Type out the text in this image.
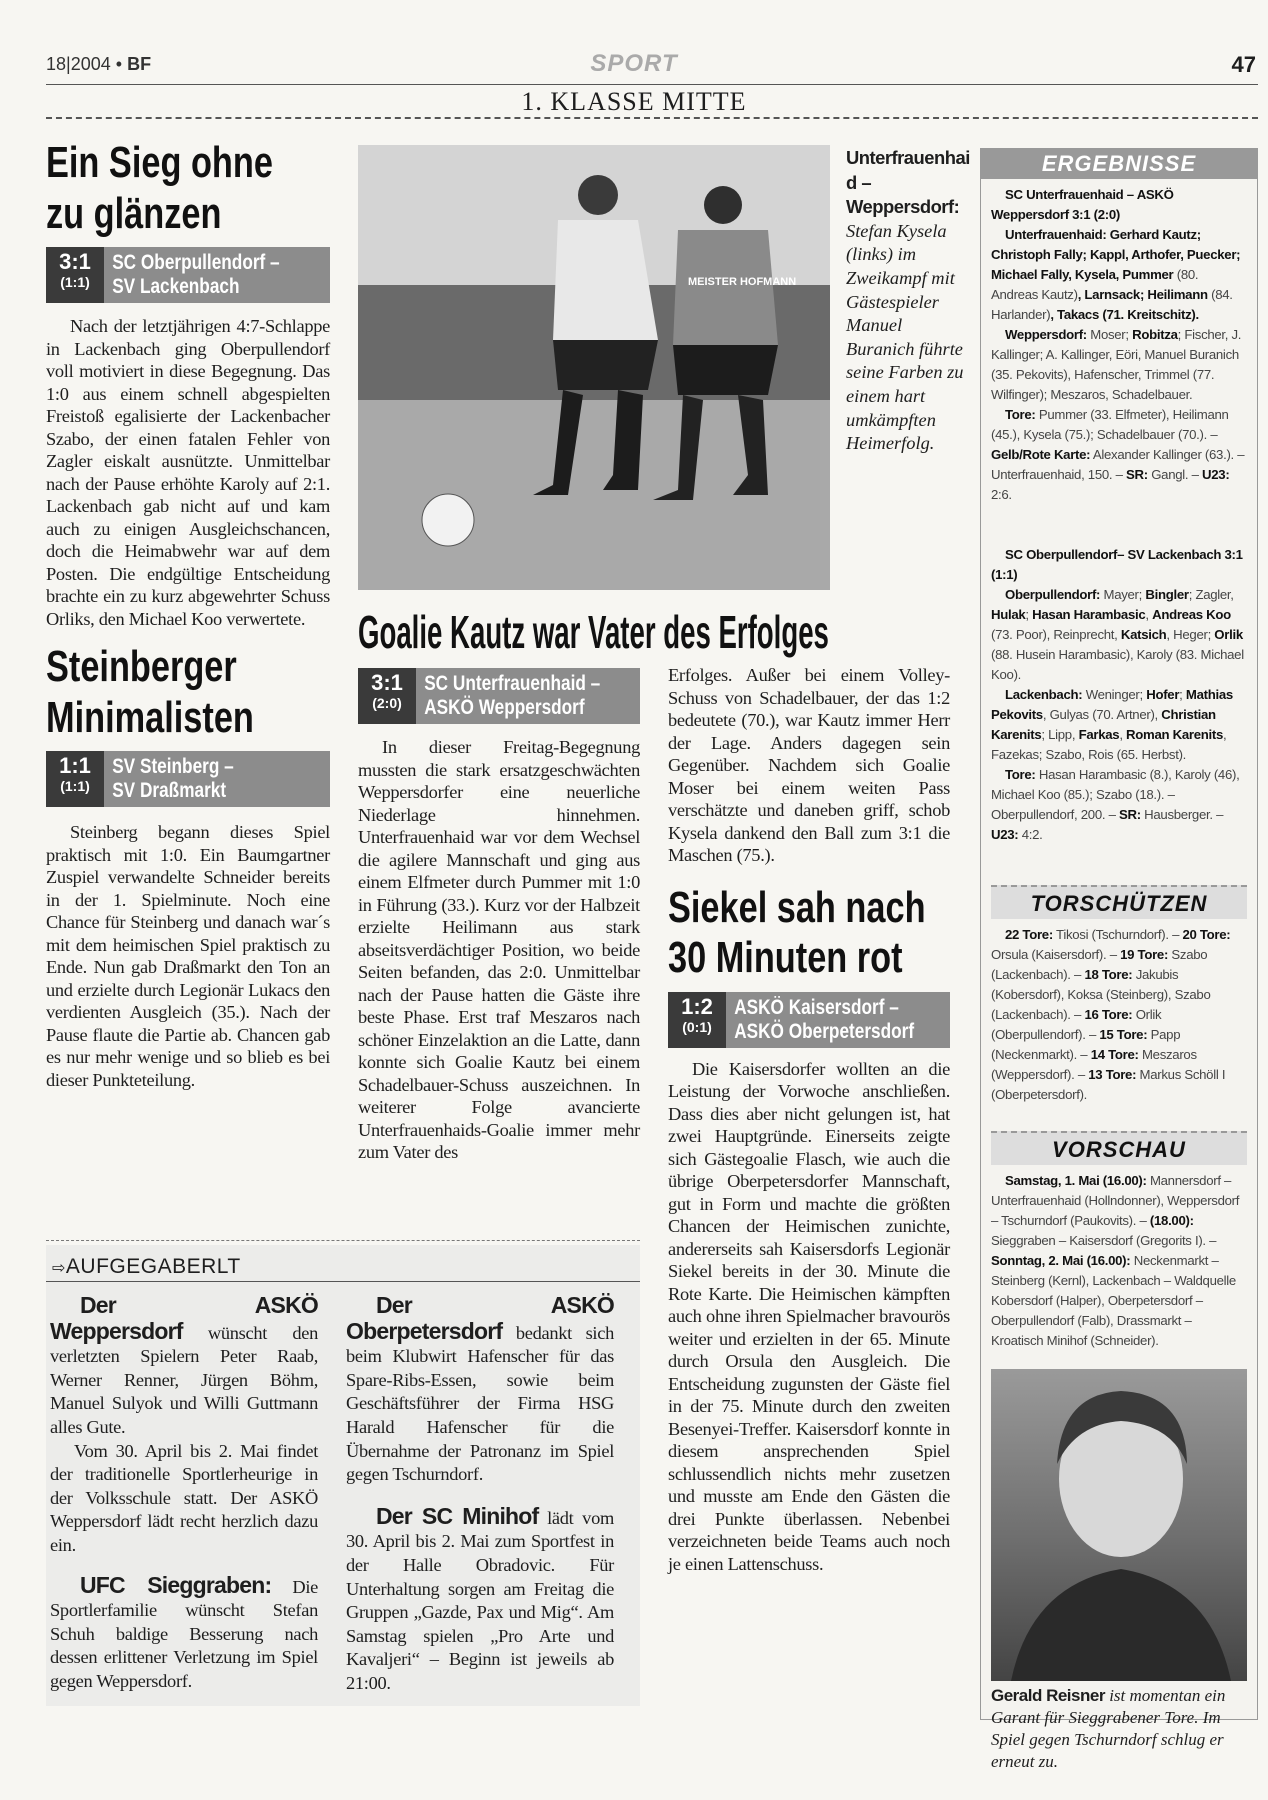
18|2004 • BF	SPORT	47
1. KLASSE MITTE
Ein Sieg ohne
zu glänzen
3:1
(1:1)
SC Oberpullendorf –
SV Lackenbach

Nach der letztjährigen 4:7-Schlappe in Lackenbach ging Oberpullendorf voll motiviert in diese Begegnung. Das 1:0 aus einem schnell abgespielten Freistoß egalisierte der Lackenbacher Szabo, der einen fatalen Fehler von Zagler eiskalt ausnützte. Unmittelbar nach der Pause erhöhte Karoly auf 2:1. Lackenbach gab nicht auf und kam auch zu einigen Ausgleichschancen, doch die Heimabwehr war auf dem Posten. Die endgültige Entscheidung brachte ein zu kurz abgewehrter Schuss Orliks, den Michael Koo verwertete.

Steinberger
Minimalisten
1:1
(1:1)
SV Steinberg –
SV Draßmarkt

Steinberg begann dieses Spiel praktisch mit 1:0. Ein Baumgartner Zuspiel verwandelte Schneider bereits in der 1. Spielminute. Noch eine Chance für Steinberg und danach war´s mit dem heimischen Spiel praktisch zu Ende. Nun gab Draßmarkt den Ton an und erzielte durch Legionär Lukacs den verdienten Ausgleich (35.). Nach der Pause flaute die Partie ab. Chancen gab es nur mehr wenige und so blieb es bei dieser Punkteteilung.

MEISTER HOFMANN
Unterfrauenhaid – Weppersdorf: Stefan Kysela (links) im Zweikampf mit Gästespieler Manuel Buranich führte seine Farben zu einem hart umkämpften Heimerfolg.
Goalie Kautz war Vater des Erfolges
3:1
(2:0)
SC Unterfrauenhaid –
ASKÖ Weppersdorf

In dieser Freitag-Begegnung mussten die stark ersatzgeschwächten Weppersdorfer eine neuerliche Niederlage hinnehmen. Unterfrauenhaid war vor dem Wechsel die agilere Mannschaft und ging aus einem Elfmeter durch Pummer mit 1:0 in Führung (33.). Kurz vor der Halbzeit erzielte Heilimann aus stark abseitsverdächtiger Position, wo beide Seiten befanden, das 2:0. Unmittelbar nach der Pause hatten die Gäste ihre beste Phase. Erst traf Meszaros nach schöner Einzelaktion an die Latte, dann konnte sich Goalie Kautz bei einem Schadelbauer-Schuss auszeichnen. In weiterer Folge avancierte Unterfrauenhaids-Goalie immer mehr zum Vater des

Erfolges. Außer bei einem Volley-Schuss von Schadelbauer, der das 1:2 bedeutete (70.), war Kautz immer Herr der Lage. Anders dagegen sein Gegenüber. Nachdem sich Goalie Moser bei einem weiten Pass verschätzte und daneben griff, schob Kysela dankend den Ball zum 3:1 die Maschen (75.).

Siekel sah nach
30 Minuten rot
1:2
(0:1)
ASKÖ Kaisersdorf –
ASKÖ Oberpetersdorf

Die Kaisersdorfer wollten an die Leistung der Vorwoche anschließen. Dass dies aber nicht gelungen ist, hat zwei Hauptgründe. Einerseits zeigte sich Gästegoalie Flasch, wie auch die übrige Oberpetersdorfer Mannschaft, gut in Form und machte die größten Chancen der Heimischen zunichte, andererseits sah Kaisersdorfs Legionär Siekel bereits in der 30. Minute die Rote Karte. Die Heimischen kämpften auch ohne ihren Spielmacher bravourös weiter und erzielten in der 65. Minute durch Orsula den Ausgleich. Die Entscheidung zugunsten der Gäste fiel in der 75. Minute durch den zweiten Besenyei-Treffer. Kaisersdorf konnte in diesem ansprechenden Spiel schlussendlich nichts mehr zusetzen und musste am Ende den Gästen die drei Punkte überlassen. Nebenbei verzeichneten beide Teams auch noch je einen Lattenschuss.

⇨AUFGEGABERLT

Der ASKÖ Weppersdorf wünscht den verletzten Spielern Peter Raab, Werner Renner, Jürgen Böhm, Manuel Sulyok und Willi Guttmann alles Gute.

Vom 30. April bis 2. Mai findet der traditionelle Sportlerheurige in der Volksschule statt. Der ASKÖ Weppersdorf lädt recht herzlich dazu ein.

UFC Sieggraben: Die Sportlerfamilie wünscht Stefan Schuh baldige Besserung nach dessen erlittener Verletzung im Spiel gegen Weppersdorf.

Der ASKÖ Oberpetersdorf bedankt sich beim Klubwirt Hafenscher für das Spare-Ribs-Essen, sowie beim Geschäftsführer der Firma HSG Harald Hafenscher für die Übernahme der Patronanz im Spiel gegen Tschurndorf.

Der SC Minihof lädt vom 30. April bis 2. Mai zum Sportfest in der Halle Obradovic. Für Unterhaltung sorgen am Freitag die Gruppen „Gazde, Pax und Mig“. Am Samstag spielen „Pro Arte und Kavaljeri“ – Beginn ist jeweils ab 21:00.

ERGEBNISSE

SC Unterfrauenhaid – ASKÖ Weppersdorf 3:1 (2:0)

Unterfrauenhaid: Gerhard Kautz; Christoph Fally; Kappl, Arthofer, Puecker; Michael Fally, Kysela, Pummer (80. Andreas Kautz), Larnsack; Heilimann (84. Harlander), Takacs (71. Kreitschitz).

Weppersdorf: Moser; Robitza; Fischer, J. Kallinger; A. Kallinger, Eöri, Manuel Buranich (35. Pekovits), Hafenscher, Trimmel (77. Wilfinger); Meszaros, Schadelbauer.

Tore: Pummer (33. Elfmeter), Heilimann (45.), Kysela (75.); Schadelbauer (70.). – Gelb/Rote Karte: Alexander Kallinger (63.). – Unterfrauenhaid, 150. – SR: Gangl. – U23: 2:6.

SC Oberpullendorf– SV Lackenbach 3:1 (1:1)

Oberpullendorf: Mayer; Bingler; Zagler, Hulak; Hasan Harambasic, Andreas Koo (73. Poor), Reinprecht, Katsich, Heger; Orlik (88. Husein Harambasic), Karoly (83. Michael Koo).

Lackenbach: Weninger; Hofer; Mathias Pekovits, Gulyas (70. Artner), Christian Karenits; Lipp, Farkas, Roman Karenits, Fazekas; Szabo, Rois (65. Herbst).

Tore: Hasan Harambasic (8.), Karoly (46), Michael Koo (85.); Szabo (18.). – Oberpullendorf, 200. – SR: Hausberger. – U23: 4:2.

TORSCHÜTZEN

22 Tore: Tikosi (Tschurndorf). – 20 Tore: Orsula (Kaisersdorf). – 19 Tore: Szabo (Lackenbach). – 18 Tore: Jakubis (Kobersdorf), Koksa (Steinberg), Szabo (Lackenbach). – 16 Tore: Orlik (Oberpullendorf). – 15 Tore: Papp (Neckenmarkt). – 14 Tore: Meszaros (Weppersdorf). – 13 Tore: Markus Schöll I (Oberpetersdorf).

VORSCHAU

Samstag, 1. Mai (16.00): Mannersdorf – Unterfrauenhaid (Hollndonner), Weppersdorf – Tschurndorf (Paukovits). – (18.00): Sieggraben – Kaisersdorf (Gregorits I). – Sonntag, 2. Mai (16.00): Neckenmarkt – Steinberg (Kernl), Lackenbach – Waldquelle Kobersdorf (Halper), Oberpetersdorf – Oberpullendorf (Falb), Drassmarkt – Kroatisch Minihof (Schneider).

Gerald Reisner ist momentan ein Garant für Sieggrabener Tore. Im Spiel gegen Tschurndorf schlug er erneut zu.
